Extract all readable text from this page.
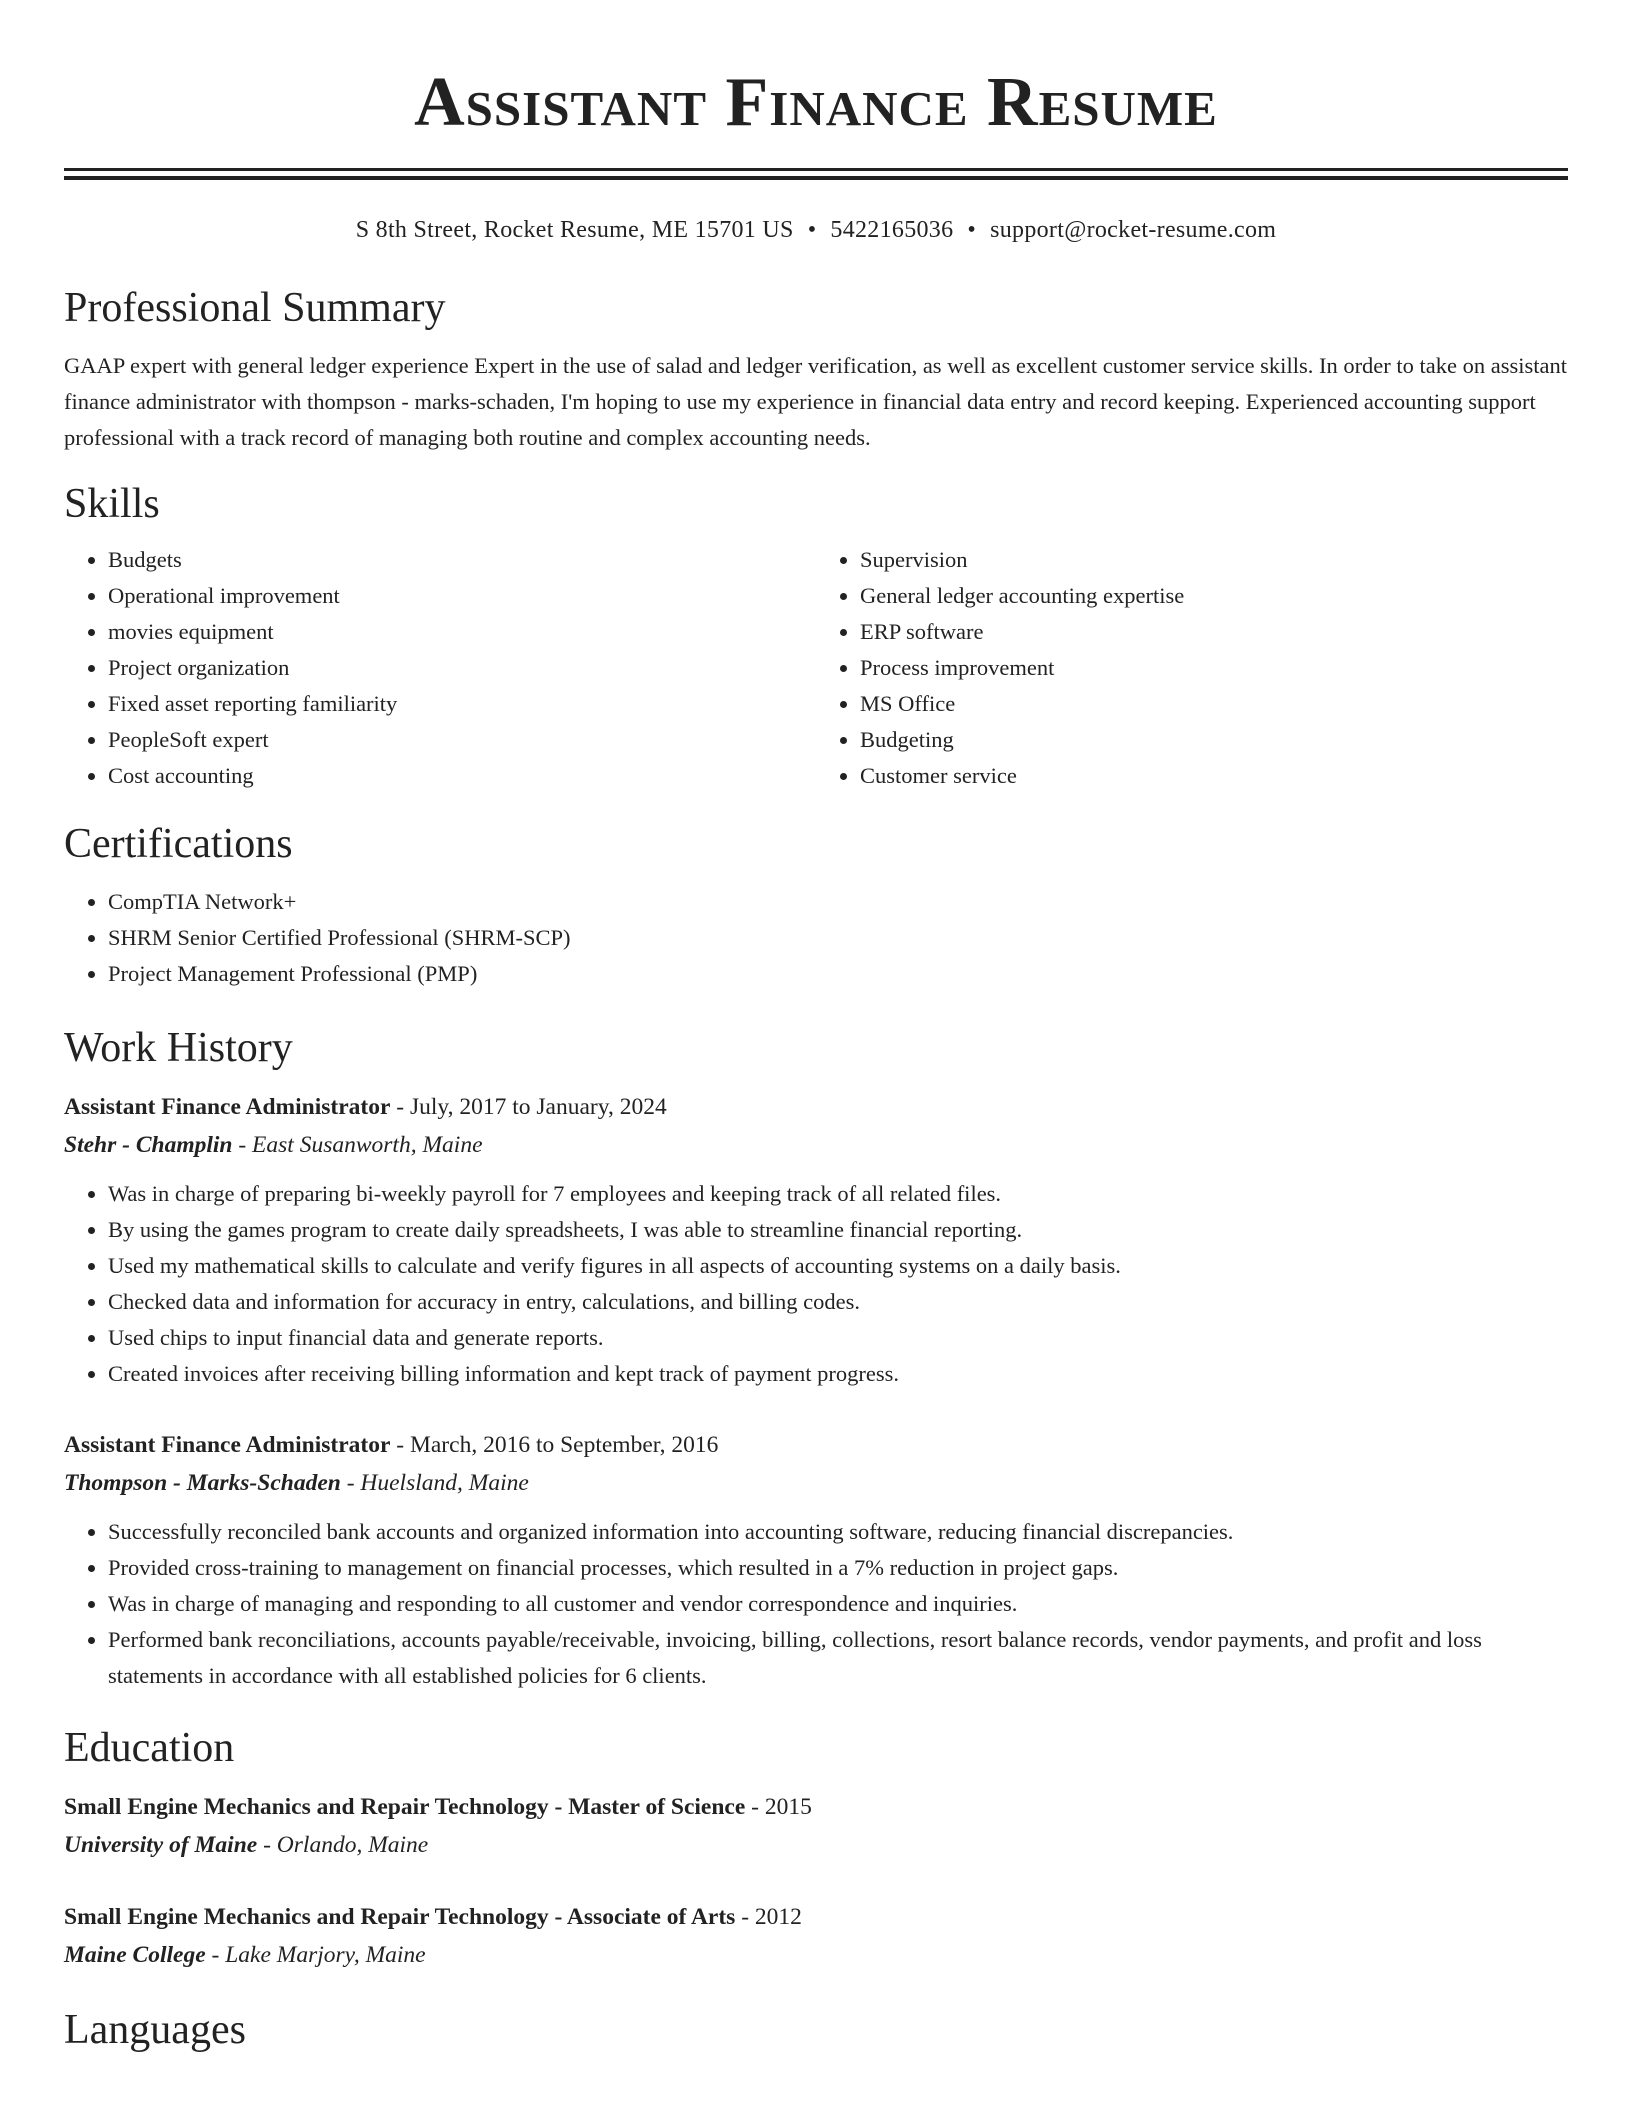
Assistant Finance Resume
S 8th Street, Rocket Resume, ME 15701 US • 5422165036 • support@rocket-resume.com
Professional Summary
GAAP expert with general ledger experience Expert in the use of salad and ledger verification, as well as excellent customer service skills. In order to take on assistant finance administrator with thompson - marks-schaden, I'm hoping to use my experience in financial data entry and record keeping. Experienced accounting support professional with a track record of managing both routine and complex accounting needs.
Skills
• Budgets
• Operational improvement
• movies equipment
• Project organization
• Fixed asset reporting familiarity
• PeopleSoft expert
• Cost accounting
• Supervision
• General ledger accounting expertise
• ERP software
• Process improvement
• MS Office
• Budgeting
• Customer service
Certifications
• CompTIA Network+
• SHRM Senior Certified Professional (SHRM-SCP)
• Project Management Professional (PMP)
Work History
Assistant Finance Administrator - July, 2017 to January, 2024
Stehr - Champlin - East Susanworth, Maine
• Was in charge of preparing bi-weekly payroll for 7 employees and keeping track of all related files.
• By using the games program to create daily spreadsheets, I was able to streamline financial reporting.
• Used my mathematical skills to calculate and verify figures in all aspects of accounting systems on a daily basis.
• Checked data and information for accuracy in entry, calculations, and billing codes.
• Used chips to input financial data and generate reports.
• Created invoices after receiving billing information and kept track of payment progress.
Assistant Finance Administrator - March, 2016 to September, 2016
Thompson - Marks-Schaden - Huelsland, Maine
• Successfully reconciled bank accounts and organized information into accounting software, reducing financial discrepancies.
• Provided cross-training to management on financial processes, which resulted in a 7% reduction in project gaps.
• Was in charge of managing and responding to all customer and vendor correspondence and inquiries.
• Performed bank reconciliations, accounts payable/receivable, invoicing, billing, collections, resort balance records, vendor payments, and profit and loss statements in accordance with all established policies for 6 clients.
Education
Small Engine Mechanics and Repair Technology - Master of Science - 2015
University of Maine - Orlando, Maine
Small Engine Mechanics and Repair Technology - Associate of Arts - 2012
Maine College - Lake Marjory, Maine
Languages
